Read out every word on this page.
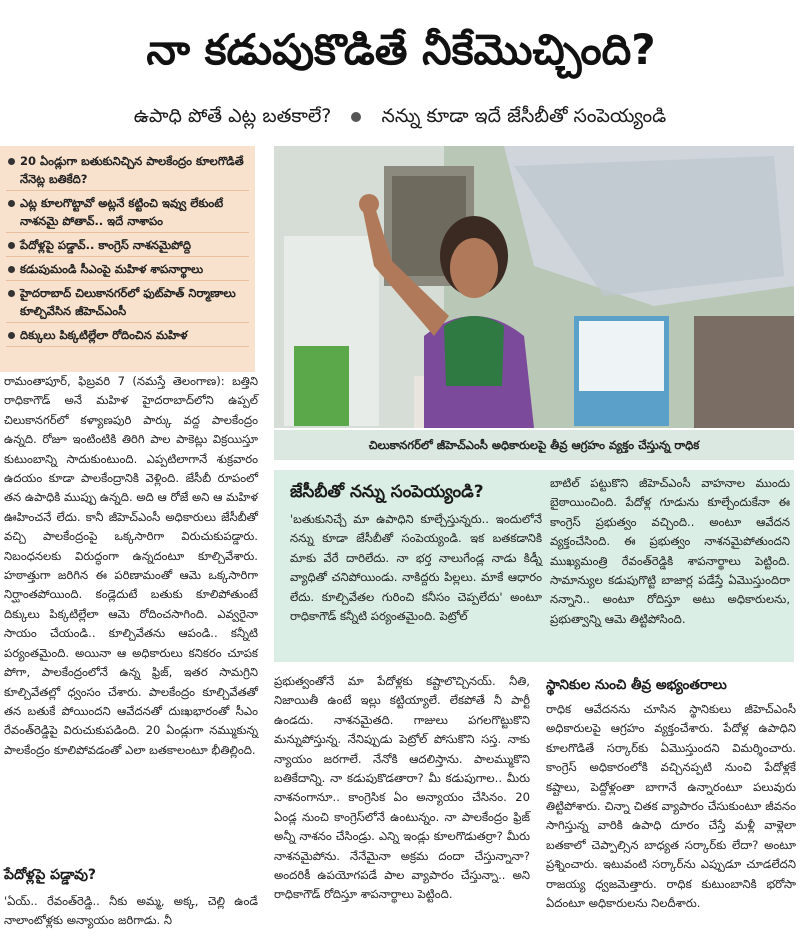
నా కడుపుకొడితే నీకేమొచ్చింది?
ఉపాధి పోతే ఎట్ల బతకాలే?	నన్ను కూడా ఇదే జేసీబీతో సంపెయ్యండి
20 ఏండ్లుగా బతుకునిచ్చిన పాలకేంద్రం కూలగొడితే నేనెట్ల బతికేది?
ఎట్ల కూలగొట్టావో అట్లనే కట్టించి ఇవ్వు లేకుంటే నాశనమై పోతావ్‌.. ఇదే నాశాపం
పేదోళ్లపై పడ్డావ్‌.. కాంగ్రెస్‌ నాశనమైపోద్ది
కడుపుమండి సీఎంపై మహిళ శాపనార్థాలు
హైదరాబాద్‌ చిలుకానగర్‌లో ఫుట్‌పాత్‌ నిర్మాణాలు కూల్చివేసిన జీహెచ్‌ఎంసీ
దిక్కులు పిక్కటిల్లేలా రోదించిన మహిళ
చిలుకానగర్‌లో జీహెచ్‌ఎంసీ అధికారులపై తీవ్ర ఆగ్రహం వ్యక్తం చేస్తున్న రాధిక

రామంతాపూర్‌, ఫిబ్రవరి 7 (నమస్తే తెలంగాణ): బత్తిని రాధికాగౌడ్‌ అనే మహిళ హైదరాబాద్‌లోని ఉప్పల్‌ చిలుకానగర్‌లో కళ్యాణపురి పార్కు వద్ద పాలకేంద్రం ఉన్నది. రోజూ ఇంటింటికి తిరిగి పాల పాకెట్లు విక్రయిస్తూ కుటుంబాన్ని సాదుకుంటుంది. ఎప్పటిలాగానే శుక్రవారం ఉదయం కూడా పాలకేంద్రానికి వెళ్లింది. జేసీబీ రూపంలో తన ఉపాధికి ముప్పు ఉన్నది. అది ఆ రోజే అని ఆ మహిళ ఊహించనే లేదు. కానీ జీహెచ్‌ఎంసీ అధికారులు జేసీబీతో వచ్చి పాలకేంద్రంపై ఒక్కసారిగా విరుచుకుపడ్డారు. నిబంధనలకు విరుద్ధంగా ఉన్నదంటూ కూల్చివేశారు. హఠాత్తుగా జరిగిన ఈ పరిణామంతో ఆమె ఒక్కసారిగా నిర్ఘాంతపోయింది. కండ్లెదుటే బతుకు కూలిపోతుంటే దిక్కులు పిక్కటిల్లేలా ఆమె రోదించసాగింది. ఎవ్వరైనా సాయం చేయండి.. కూల్చివేతను ఆపండి.. కన్నీటి పర్యంతమైంది. అయినా ఆ అధికారులు కనికరం చూపక పోగా, పాలకేంద్రంలోనే ఉన్న ఫ్రిజ్‌, ఇతర సామగ్రిని కూల్చివేతల్లో ధ్వంసం చేశారు. పాలకేంద్రం కూల్చివేతతో తన బతుకే పోయిందని ఆవేదనతో దుఃఖభారంతో సీఎం రేవంత్‌రెడ్డిపై విరుచుకుపడింది. 20 ఏండ్లుగా నమ్ముకున్న పాలకేంద్రం కూలిపోవడంతో ఎలా బతకాలంటూ భీతిల్లింది.

పేదోళ్లపై పడ్డావు?
'ఏయ్‌.. రేవంత్‌రెడ్డి.. నీకు అమ్మ, అక్క, చెల్లి ఉండే నాలాంటోళ్లకు అన్యాయం జరిగాడు. నీ
జేసీబీతో నన్ను సంపెయ్యండి?
'బతుకునిచ్చే మా ఉపాధిని కూల్చేస్తున్నరు.. ఇందులోనే నన్ను కూడా జేసీబీతో సంపెయ్యండి. ఇక బతకడానికి మాకు వేరే దారిలేదు. నా భర్త నాలుగేండ్ల నాడు కిడ్నీ వ్యాధితో చనిపోయిండు. నాకిద్దరు పిల్లలు. మాకే ఆధారం లేదు. కూల్చివేతల గురించి కనీసం చెప్పలేదు' అంటూ రాధికాగౌడ్‌ కన్నీటి పర్యంతమైంది. పెట్రోల్‌
బాటిల్‌ పట్టుకొని జీహెచ్‌ఎంసీ వాహనాల ముందు బైఠాయించింది. పేదోళ్ల గూడును కూల్చేందుకేనా ఈ కాంగ్రెస్‌ ప్రభుత్వం వచ్చింది.. అంటూ ఆవేదన వ్యక్తంచేసింది. ఈ ప్రభుత్వం నాశనమైపోతుందని ముఖ్యమంత్రి రేవంత్‌రెడ్డికి శాపనార్థాలు పెట్టింది. సామాన్యుల కడుపుగొట్టి బాజార్ల పడేస్తే ఏమొస్తుందిరా నన్నాని.. అంటూ రోదిస్తూ అటు అధికారులను, ప్రభుత్వాన్ని ఆమె తిట్టిపోసింది.
ప్రభుత్వంతోనే మా పేదోళ్లకు కష్టాలొచ్చినయ్‌. నీతి, నిజాయితీ ఉంటే ఇల్లు కట్టియ్యాలే. లేకపోతే నీ పార్టీ ఉండదు. నాశనమైతది. గాజులు పగలగొట్టుకొని మన్నుపోస్తున్న. నేనిప్పుడు పెట్రోల్‌ పోసుకొని సస్త. నాకు న్యాయం జరగాలే. నేనోకి ఆదలిస్తాను. పాలమ్ముకొని బతికేదాన్ని. నా కడుపుకొడతారా? మీ కడుపుగాల.. మీరు నాశనంగానూ.. కాంగ్రెసిక ఏం అన్యాయం చేసినం. 20 ఏండ్ల నుంచి కాంగ్రెస్‌లోనే ఉంటున్నం. నా పాలకేంద్రం ఫ్రిజ్‌ అన్నీ నాశనం చేసిండ్రు. ఎన్ని ఇండ్లు కూలగొడుతర్రా? మీరు నాశనమైపోను. నేనేమైనా అక్రమ దందా చేస్తున్నానా? అందరికీ ఉపయోగపడే పాల వ్యాపారం చేస్తున్నా.. అని రాధికాగౌడ్‌ రోదిస్తూ శాపనార్థాలు పెట్టింది.
స్థానికుల నుంచి తీవ్ర అభ్యంతరాలు
రాధిక ఆవేదనను చూసిన స్థానికులు జీహెచ్‌ఎంసీ అధికారులపై ఆగ్రహం వ్యక్తంచేశారు. పేదోళ్ల ఉపాధిని కూలగొడితే సర్కార్‌కు ఏమొస్తుందని విమర్శించారు. కాంగ్రెస్‌ అధికారంలోకి వచ్చినప్పటి నుంచి పేదోళ్లకే కష్టాలు, పెద్దోళ్లంతా బాగానే ఉన్నారంటూ పలువురు తిట్టిపోశారు. చిన్నా చితక వ్యాపారం చేసుకుంటూ జీవనం సాగిస్తున్న వారికి ఉపాధి దూరం చేస్తే మళ్లీ వాళ్లెలా బతకాలో చెప్పాల్సిన బాధ్యత సర్కార్‌కు లేదా? అంటూ ప్రశ్నించారు. ఇటువంటి సర్కార్‌ను ఎప్పుడూ చూడలేదని రాజయ్య ధ్వజమెత్తారు. రాధిక కుటుంబానికి భరోసా ఏదంటూ అధికారులను నిలదీశారు.
